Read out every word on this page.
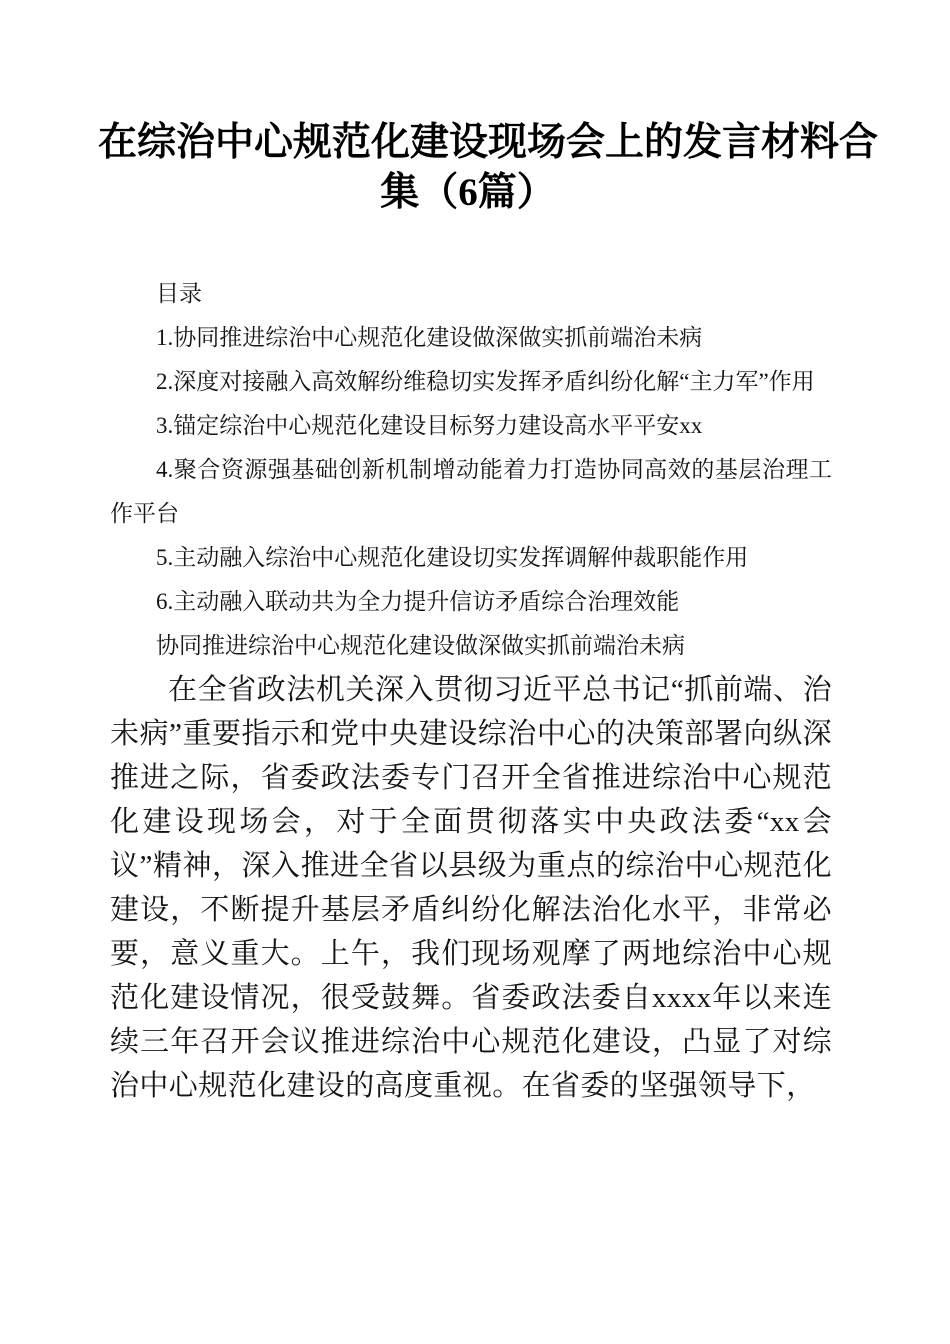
在综治中心规范化建设现场会上的发言材料合
集（6篇）

目录

1.协同推进综治中心规范化建设做深做实抓前端治未病

2.深度对接融入高效解纷维稳切实发挥矛盾纠纷化解“主力军”作用

3.锚定综治中心规范化建设目标努力建设高水平平安xx

4.聚合资源强基础创新机制增动能着力打造协同高效的基层治理工作平台

5.主动融入综治中心规范化建设切实发挥调解仲裁职能作用

6.主动融入联动共为全力提升信访矛盾综合治理效能

协同推进综治中心规范化建设做深做实抓前端治未病

在全省政法机关深入贯彻习近平总书记“抓前端、治未病”重要指示和党中央建设综治中心的决策部署向纵深推进之际，省委政法委专门召开全省推进综治中心规范化建设现场会，对于全面贯彻落实中央政法委“xx会议”精神，深入推进全省以县级为重点的综治中心规范化建设，不断提升基层矛盾纠纷化解法治化水平，非常必要，意义重大。上午，我们现场观摩了两地综治中心规范化建设情况，很受鼓舞。省委政法委自xxxx年以来连续三年召开会议推进综治中心规范化建设，凸显了对综治中心规范化建设的高度重视。在省委的坚强领导下，
